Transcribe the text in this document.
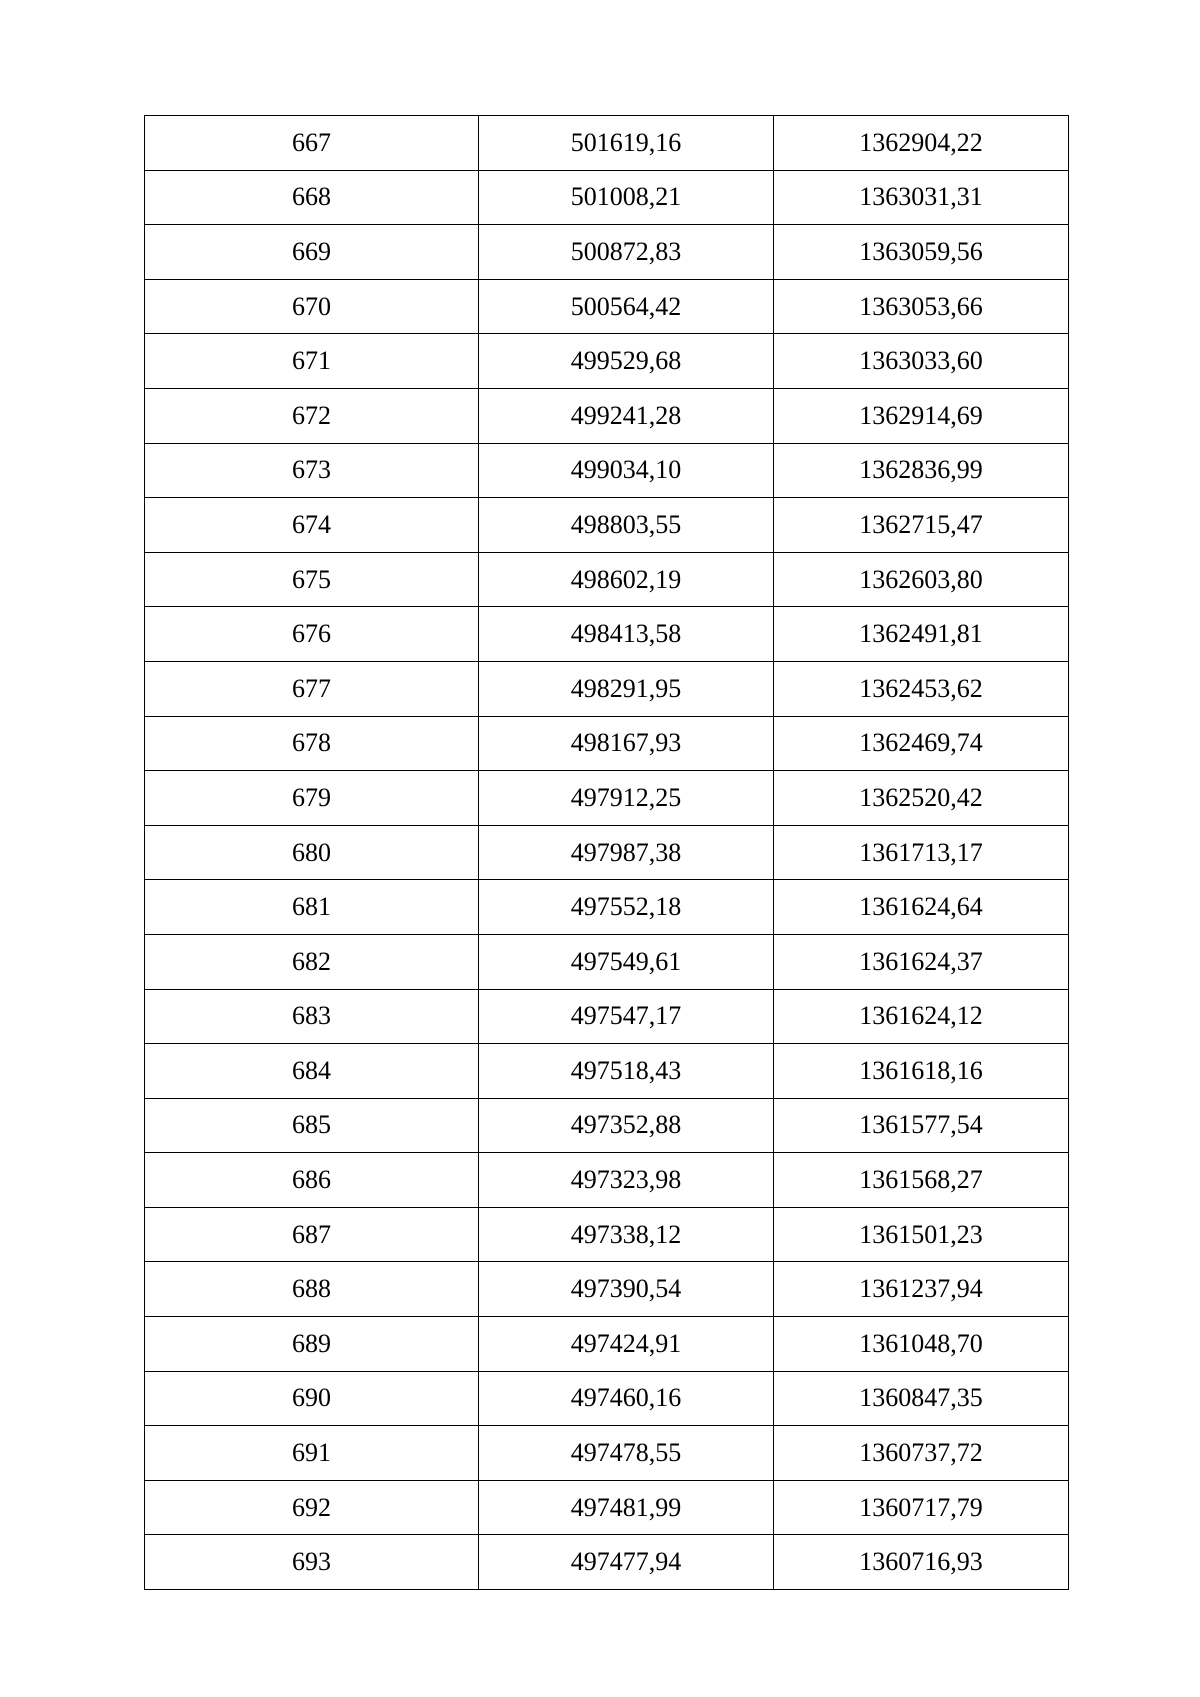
667	501619,16	1362904,22
668	501008,21	1363031,31
669	500872,83	1363059,56
670	500564,42	1363053,66
671	499529,68	1363033,60
672	499241,28	1362914,69
673	499034,10	1362836,99
674	498803,55	1362715,47
675	498602,19	1362603,80
676	498413,58	1362491,81
677	498291,95	1362453,62
678	498167,93	1362469,74
679	497912,25	1362520,42
680	497987,38	1361713,17
681	497552,18	1361624,64
682	497549,61	1361624,37
683	497547,17	1361624,12
684	497518,43	1361618,16
685	497352,88	1361577,54
686	497323,98	1361568,27
687	497338,12	1361501,23
688	497390,54	1361237,94
689	497424,91	1361048,70
690	497460,16	1360847,35
691	497478,55	1360737,72
692	497481,99	1360717,79
693	497477,94	1360716,93
